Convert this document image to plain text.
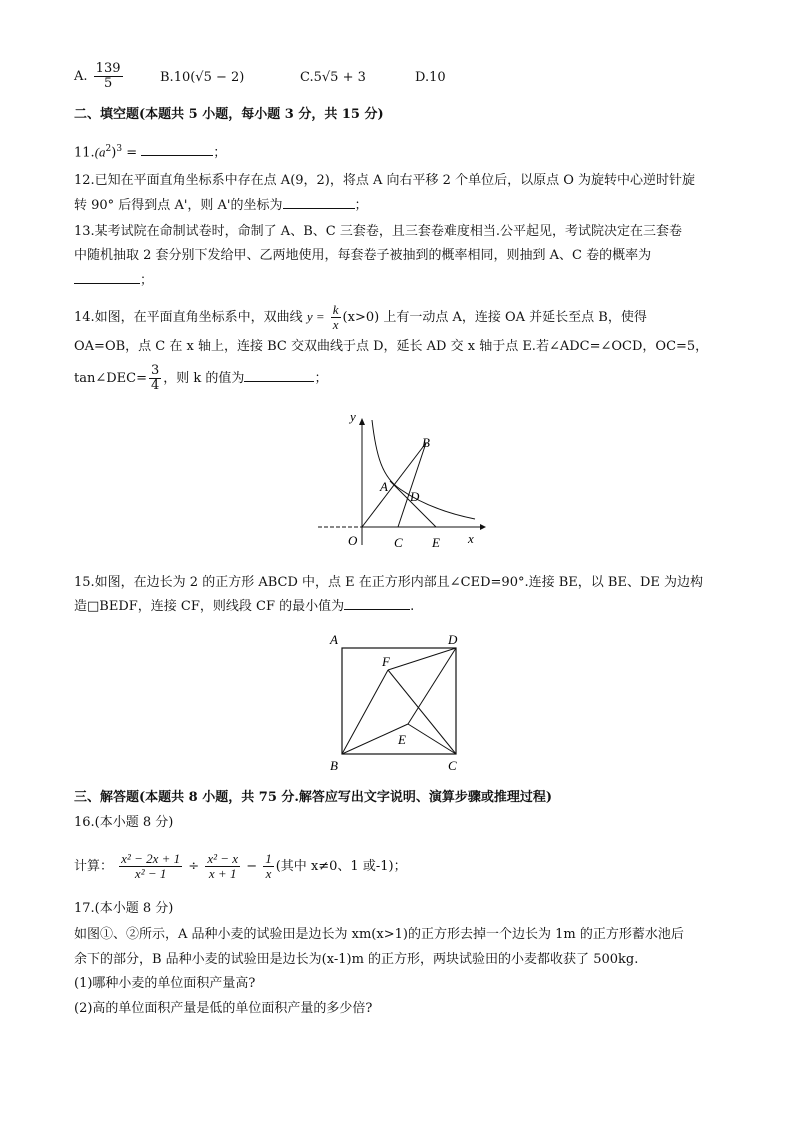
A. $\frac{139}{5}$	B.10(√5 − 2)	C.5√5 + 3	D.10
二、填空题(本题共 5 小题，每小题 3 分，共 15 分)
$11.(a^2)^3$ =	；
12.已知在平面直角坐标系中存在点 A(9，2)，将点 A 向右平移 2 个单位后，以原点 O 为旋转中心逆时针旋
转 90° 后得到点 A'，则 A'的坐标为	；
13.某考试院在命制试卷时，命制了 A、B、C 三套卷，且三套卷难度相当.公平起见，考试院决定在三套卷
中随机抽取 2 套分别下发给甲、乙两地使用，每套卷子被抽到的概率相同，则抽到 A、C 卷的概率为
；
14.如图，在平面直角坐标系中，双曲线 $y = \frac{k}{x} (x>0)$ 上有一动点 A，连接 OA 并延长至点 B，使得
OA=OB，点 C 在 x 轴上，连接 BC 交双曲线于点 D，延长 AD 交 x 轴于点 E.若∠ADC=∠OCD，OC=5，
tan∠DEC= $\frac{3}{4}$ ，则 k 的值为	；
y
x
O
A
B
C
D
E
15.如图，在边长为 2 的正方形 ABCD 中，点 E 在正方形内部且∠CED=90°.连接 BE，以 BE、DE 为边构
造□BEDF，连接 CF，则线段 CF 的最小值为	.
A	D
B	C
F
E
三、解答题(本题共 8 小题，共 75 分.解答应写出文字说明、演算步骤或推理过程)
16.(本小题 8 分)
计算： $\frac{\text{x² − 2x + 1}}{\text{x² − 1}} \div \frac{\text{x² − x}}{x + 1} - \frac{1}{x}$ (其中 x≠0、1 或-1)；
17.(本小题 8 分)
如图①、②所示，A 品种小麦的试验田是边长为 xm(x>1)的正方形去掉一个边长为 1m 的正方形蓄水池后
余下的部分，B 品种小麦的试验田是边长为(x-1)m 的正方形，两块试验田的小麦都收获了 500kg.
(1)哪种小麦的单位面积产量高?
(2)高的单位面积产量是低的单位面积产量的多少倍?
